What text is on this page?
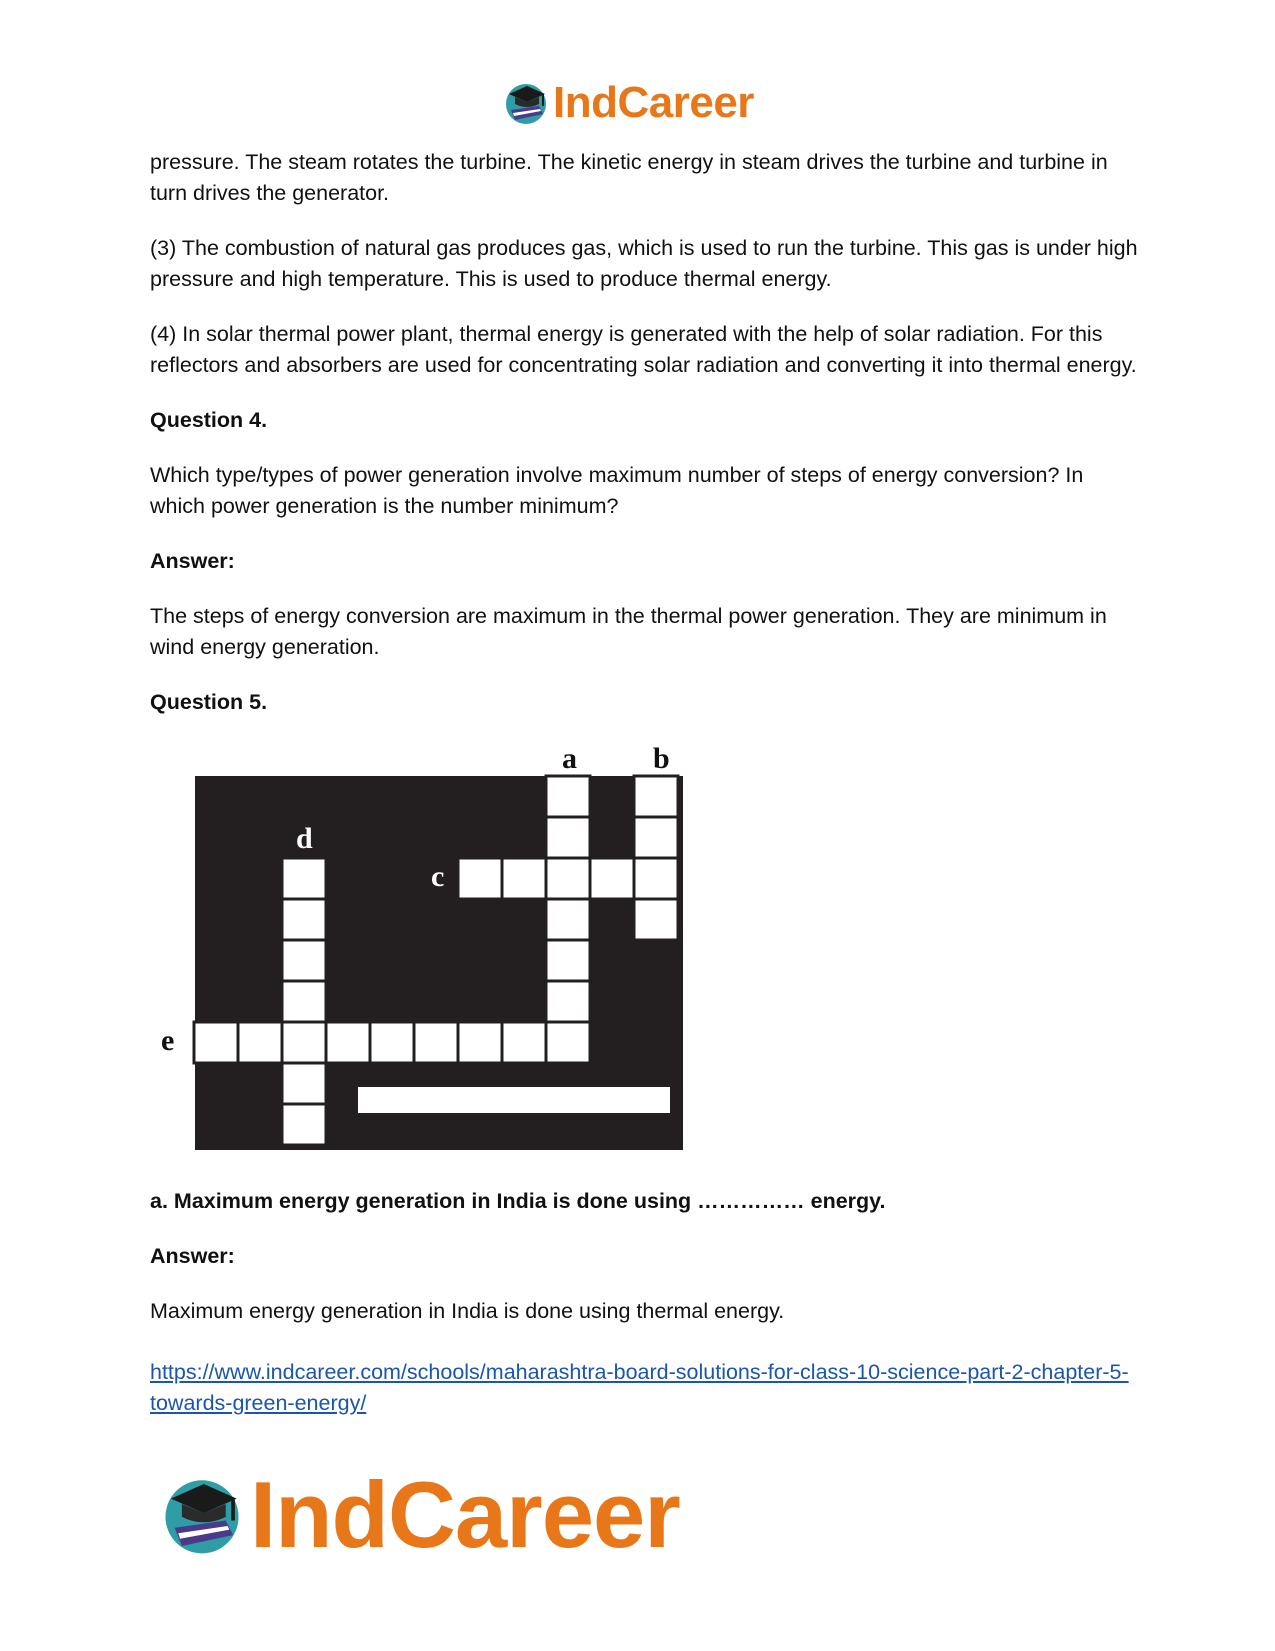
IndCareer

pressure. The steam rotates the turbine. The kinetic energy in steam drives the turbine and turbine in turn drives the generator.

(3) The combustion of natural gas produces gas, which is used to run the turbine. This gas is under high pressure and high temperature. This is used to produce thermal energy.

(4) In solar thermal power plant, thermal energy is generated with the help of solar radiation. For this reflectors and absorbers are used for concentrating solar radiation and converting it into thermal energy.

Question 4.

Which type/types of power generation involve maximum number of steps of energy conversion? In which power generation is the number minimum?

Answer:

The steps of energy conversion are maximum in the thermal power generation. They are minimum in wind energy generation.

Question 5.

a	b
c
d
e

a. Maximum energy generation in India is done using …………… energy.

Answer:

Maximum energy generation in India is done using thermal energy.

https://www.indcareer.com/schools/maharashtra-board-solutions-for-class-10-science-part-2-chapter-5-towards-green-energy/

IndCareer
